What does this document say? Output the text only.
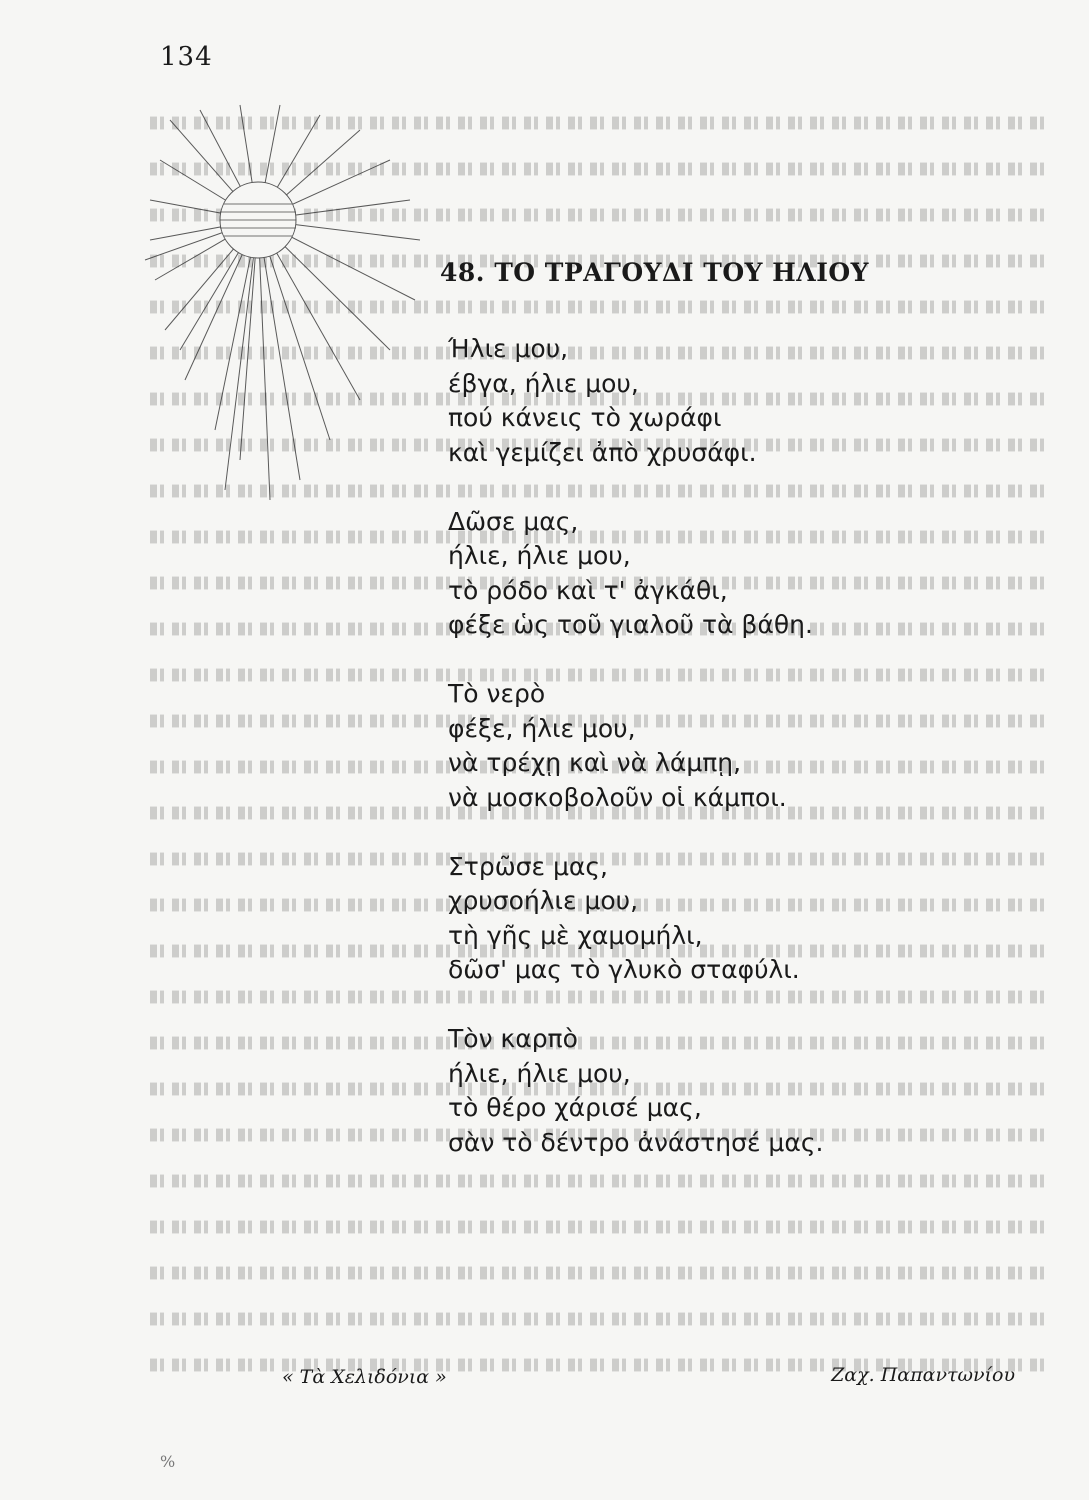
134
48. ΤΟ ΤΡΑΓΟΥΔΙ ΤΟΥ ΗΛΙΟΥ
Ήλιε μου,
έβγα, ήλιε μου,
πού κάνεις τὸ χωράφι
καὶ γεμίζει ἀπὸ χρυσάφι.
Δῶσε μας,
ήλιε, ήλιε μου,
τὸ ρόδο καὶ τ' ἀγκάθι,
φέξε ὡς τοῦ γιαλοῦ τὰ βάθη.
Τὸ νερὸ
φέξε, ήλιε μου,
νὰ τρέχῃ καὶ νὰ λάμπῃ,
νὰ μοσκοβολοῦν οἱ κάμποι.
Στρῶσε μας,
χρυσοήλιε μου,
τὴ γῆς μὲ χαμομήλι,
δῶσ' μας τὸ γλυκὸ σταφύλι.
Τὸν καρπὸ
ήλιε, ήλιε μου,
τὸ θέρο χάρισέ μας,
σὰν τὸ δέντρο ἀνάστησέ μας.
« Τὰ Χελιδόνια »	Ζαχ. Παπαντωνίου
%
